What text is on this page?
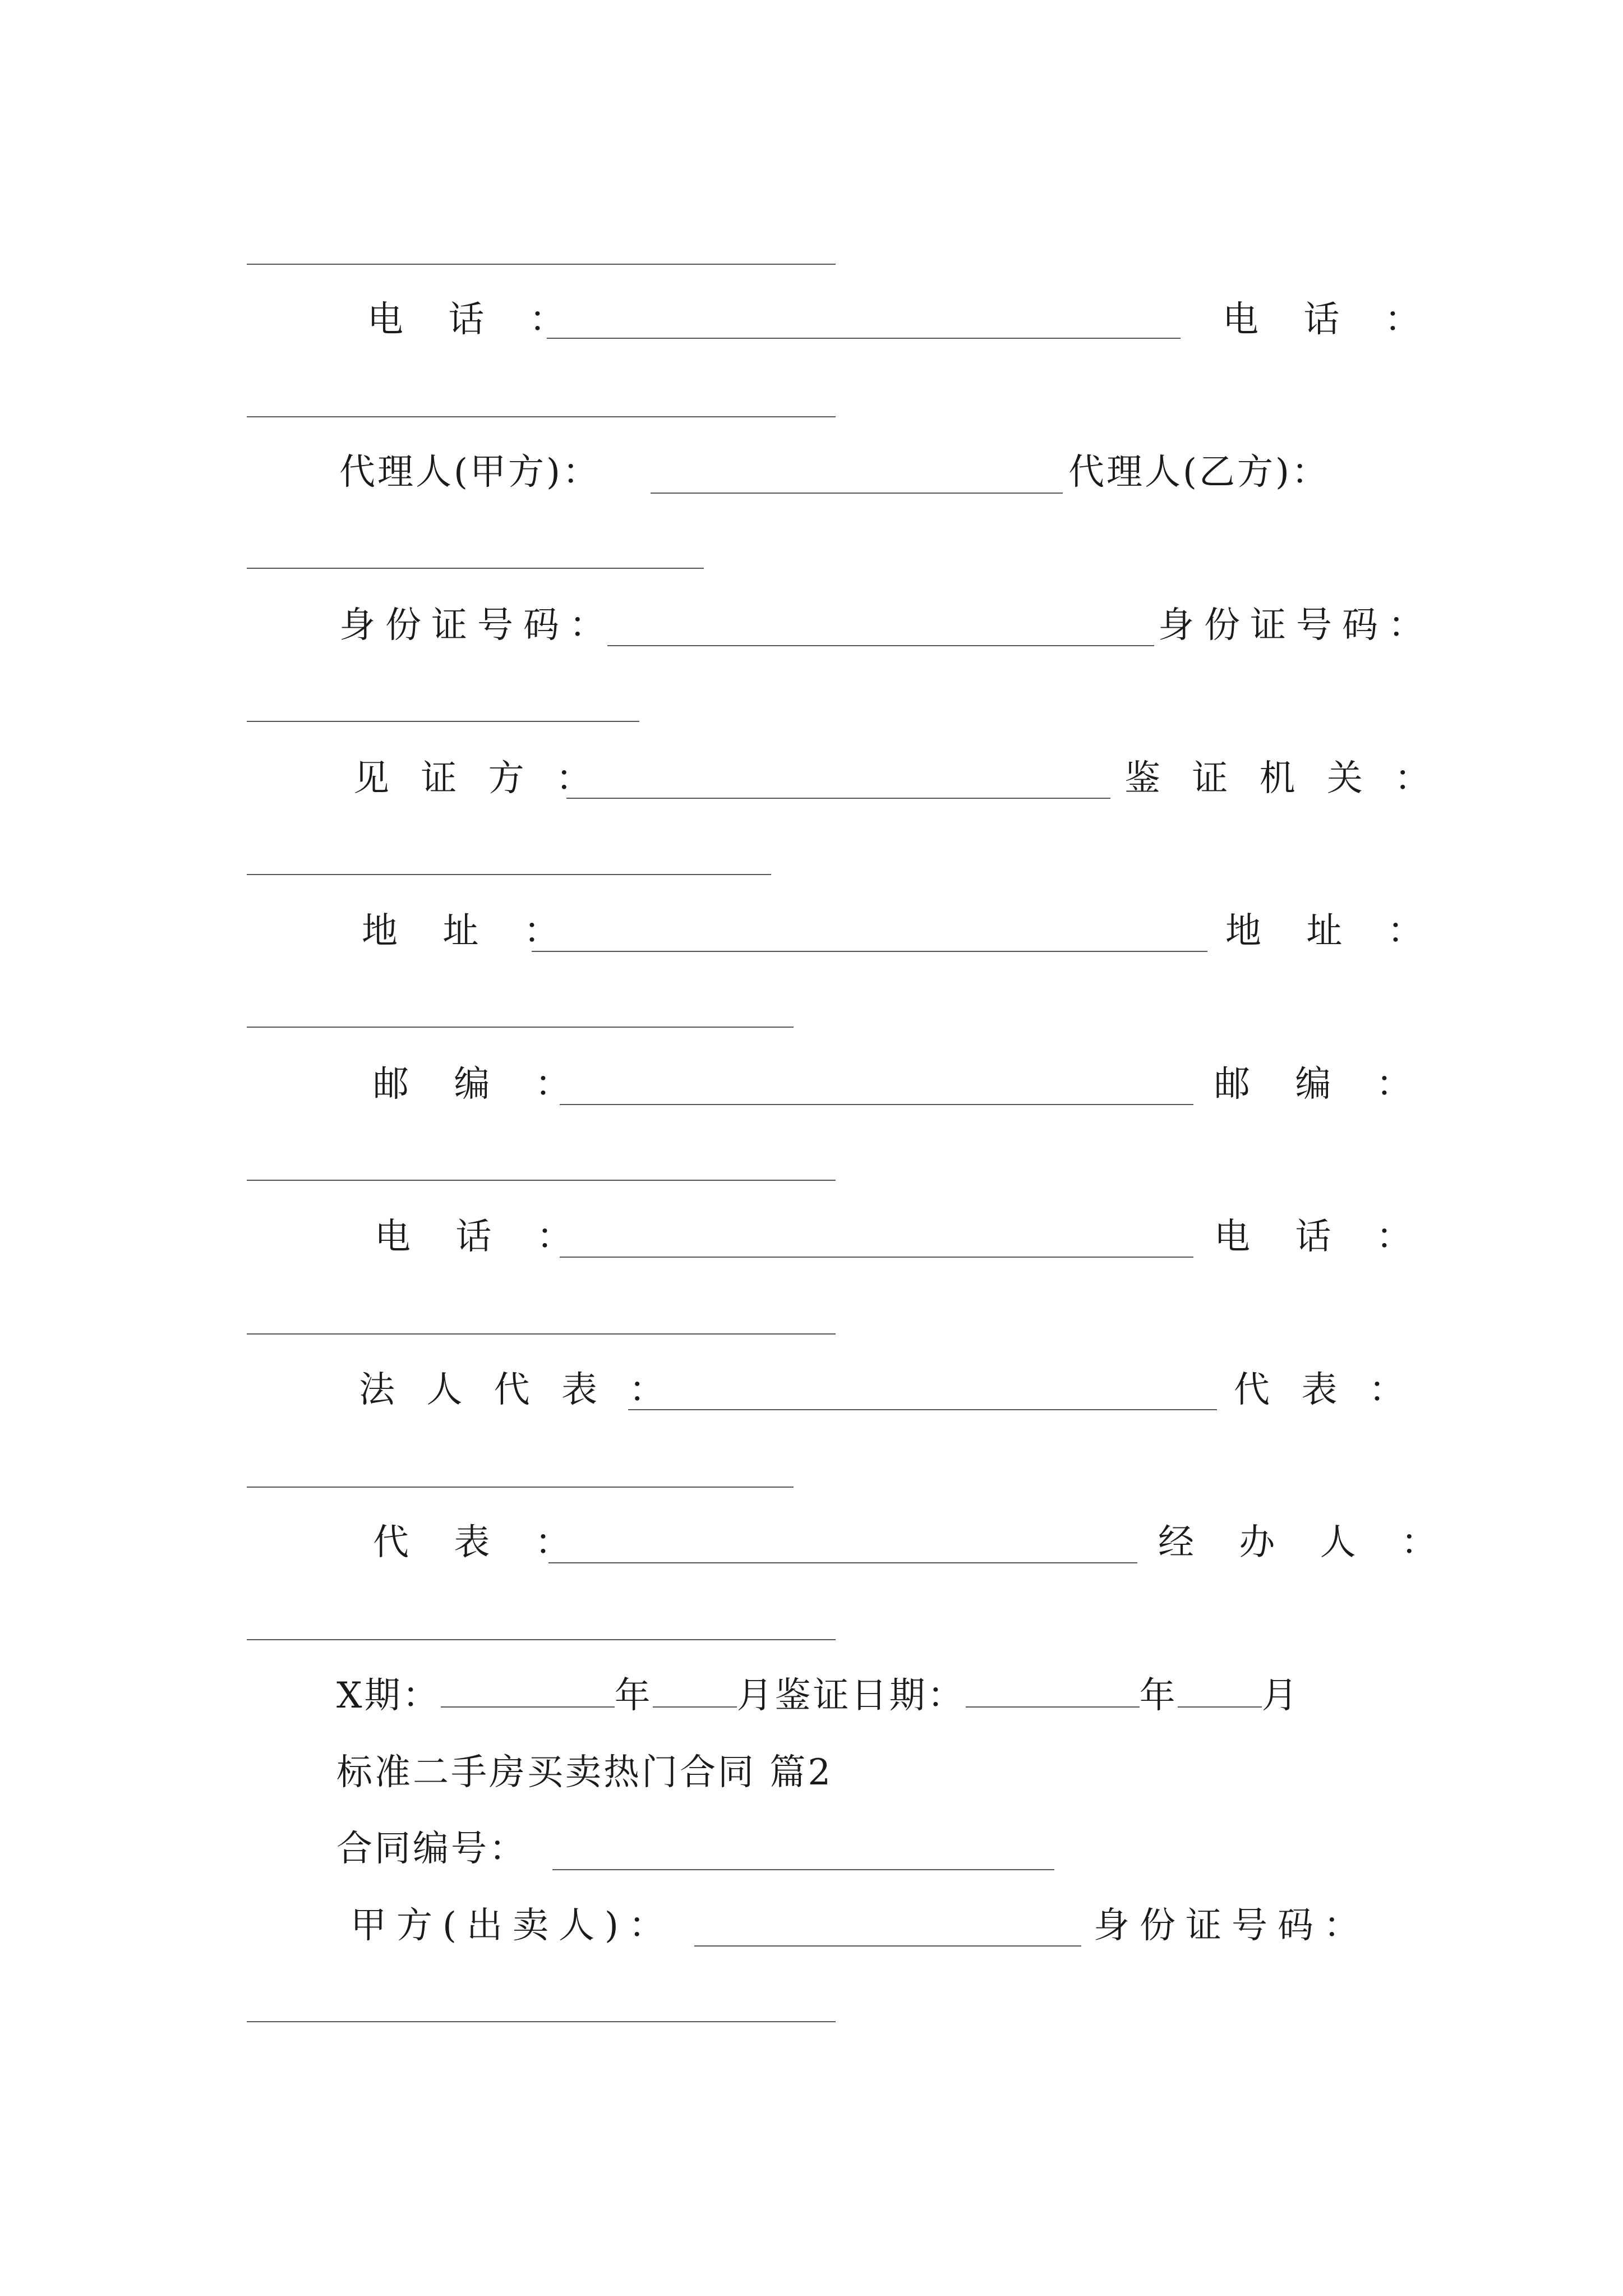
电 话 ：	电 话 ：
代理人(甲方)：	代理人(乙方)：
身份证号码：	身份证号码：
见 证 方 ：	鉴 证 机 关 ：
地 址 ：	地 址 ：
邮 编 ：	邮 编 ：
电 话 ：	电 话 ：
法 人 代 表 ：	代 表 ：
代 表 ：	经 办 人 ：
X期：	年 月鉴证日期：	年 月
标准二手房买卖热门合同 篇2
合同编号：
甲方(出卖人)：	身份证号码：
